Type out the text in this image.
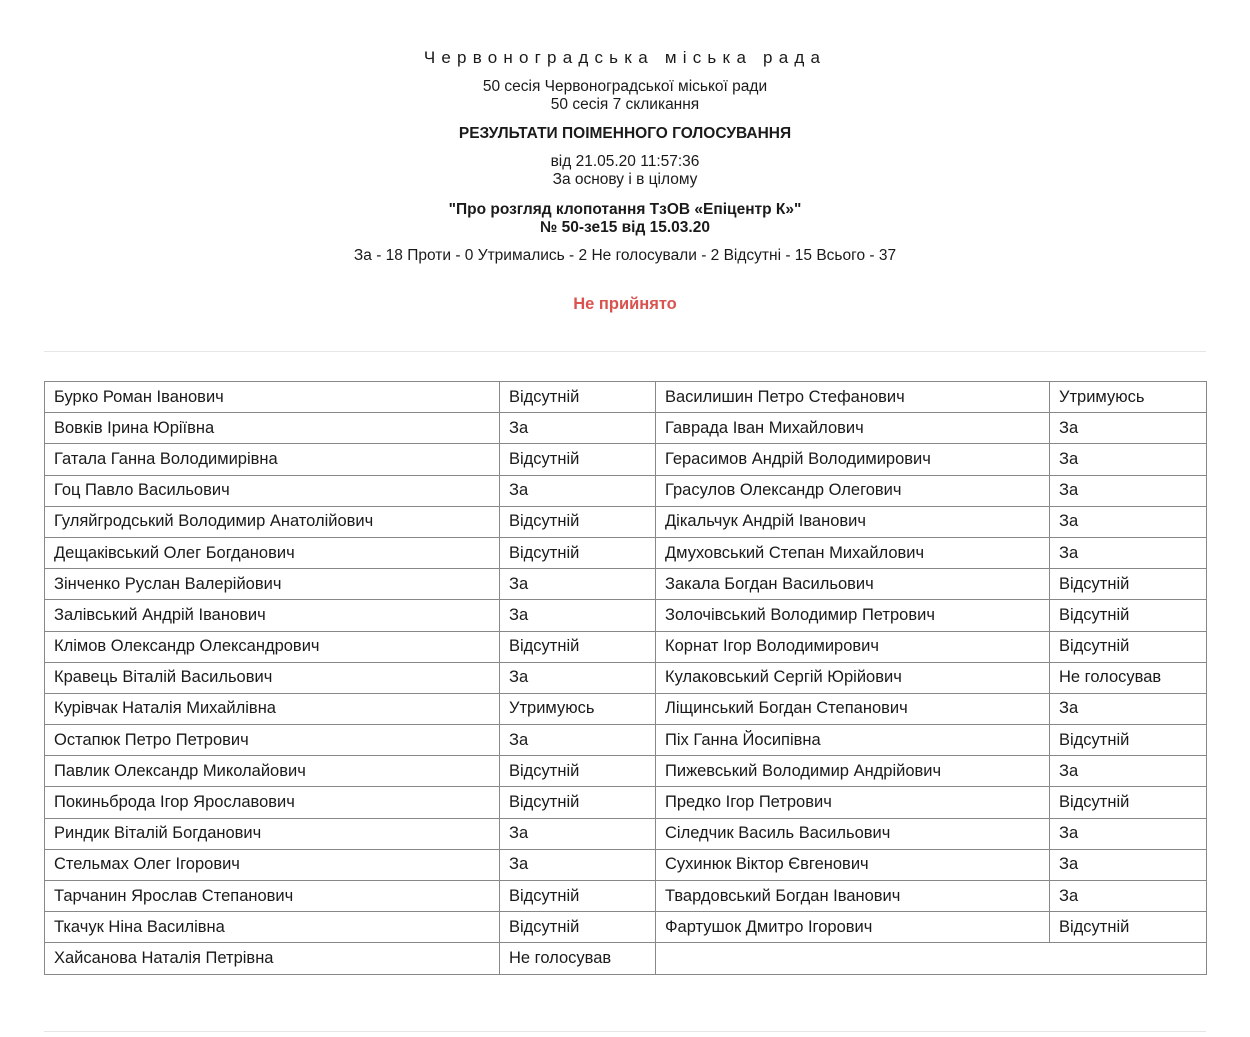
Червоноградська міська рада
50 сесія Червоноградської міської ради
50 сесія 7 скликання
РЕЗУЛЬТАТИ ПОІМЕННОГО ГОЛОСУВАННЯ
від 21.05.20 11:57:36
За основу і в цілому
"Про розгляд клопотання ТзОВ «Епіцентр К»"
№ 50-зе15 від 15.03.20
За - 18 Проти - 0 Утримались - 2 Не голосували - 2 Відсутні - 15 Всього - 37
Не прийнято
Бурко Роман Іванович	Відсутній	Василишин Петро Стефанович	Утримуюсь
Вовків Ірина Юріївна	За	Гаврада Іван Михайлович	За
Гатала Ганна Володимирівна	Відсутній	Герасимов Андрій Володимирович	За
Гоц Павло Васильович	За	Грасулов Олександр Олегович	За
Гуляйгродський Володимир Анатолійович	Відсутній	Дікальчук Андрій Іванович	За
Дещаківський Олег Богданович	Відсутній	Дмуховський Степан Михайлович	За
Зінченко Руслан Валерійович	За	Закала Богдан Васильович	Відсутній
Залівський Андрій Іванович	За	Золочівський Володимир Петрович	Відсутній
Клімов Олександр Олександрович	Відсутній	Корнат Ігор Володимирович	Відсутній
Кравець Віталій Васильович	За	Кулаковський Сергій Юрійович	Не голосував
Курівчак Наталія Михайлівна	Утримуюсь	Ліщинський Богдан Степанович	За
Остапюк Петро Петрович	За	Піх Ганна Йосипівна	Відсутній
Павлик Олександр Миколайович	Відсутній	Пижевський Володимир Андрійович	За
Покиньброда Ігор Ярославович	Відсутній	Предко Ігор Петрович	Відсутній
Риндик Віталій Богданович	За	Сіледчик Василь Васильович	За
Стельмах Олег Ігорович	За	Сухинюк Віктор Євгенович	За
Тарчанин Ярослав Степанович	Відсутній	Твардовський Богдан Іванович	За
Ткачук Ніна Василівна	Відсутній	Фартушок Дмитро Ігорович	Відсутній
Хайсанова Наталія Петрівна	Не голосував		
